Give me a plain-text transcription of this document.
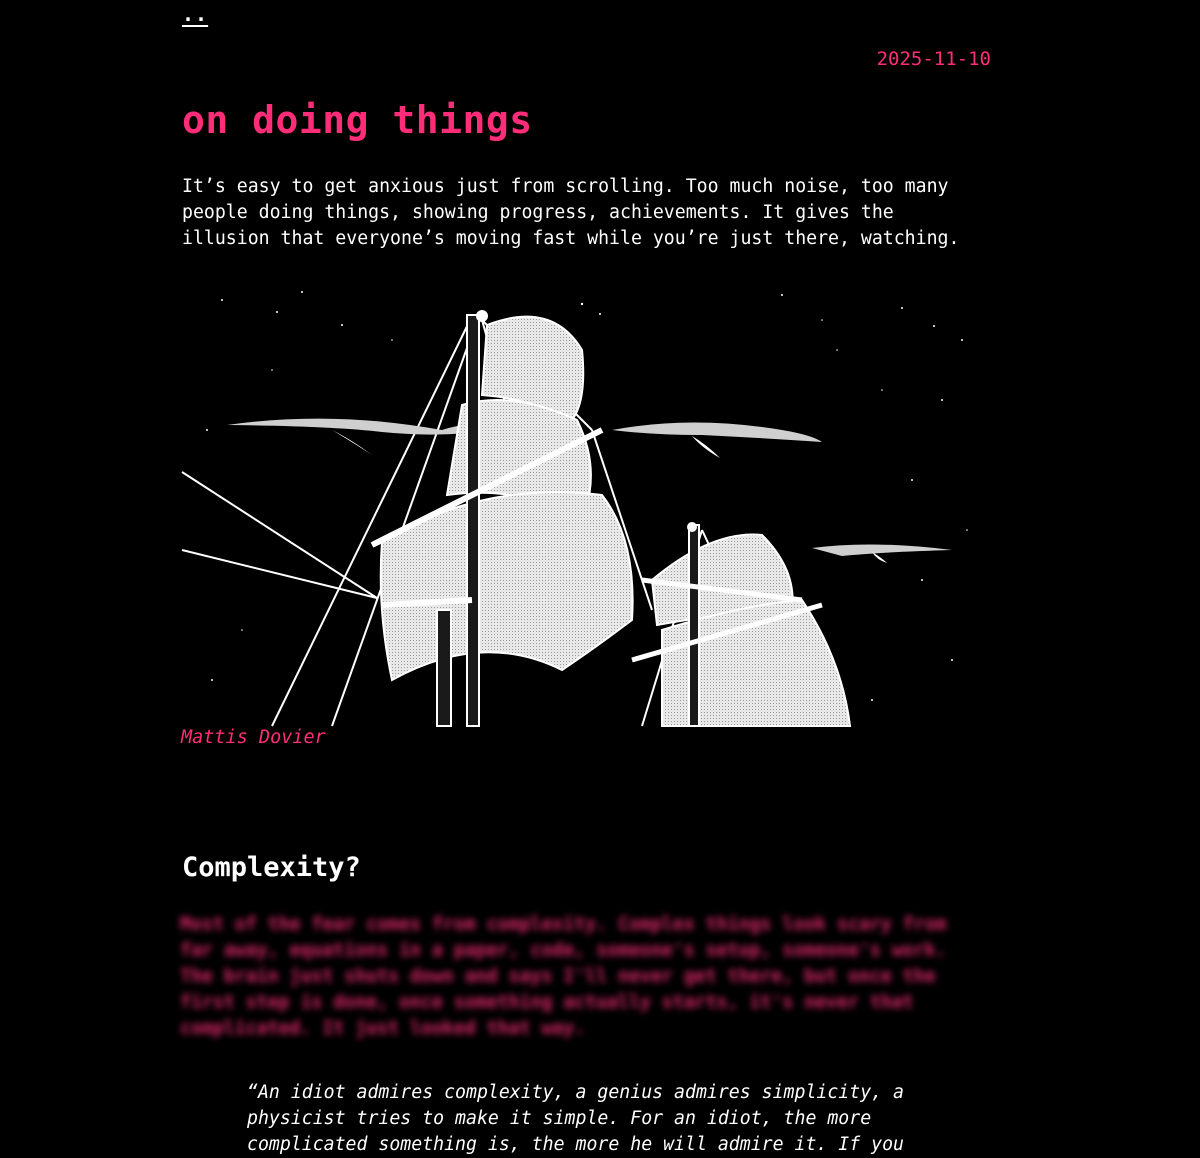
..
2025-11-10
on doing things

It’s easy to get anxious just from scrolling. Too much noise, too many people doing things, showing progress, achievements. It gives the illusion that everyone’s moving fast while you’re just there, watching.

Mattis Dovier
Complexity?

Most of the fear comes from complexity. Complex things look scary from far away, equations in a paper, code, someone's setup, someone's work. The brain just shuts down and says I'll never get there, but once the first step is done, once something actually starts, it's never that complicated. It just looked that way.

“An idiot admires complexity, a genius admires simplicity, a physicist tries to make it simple. For an idiot, the more complicated something is, the more he will admire it. If you
